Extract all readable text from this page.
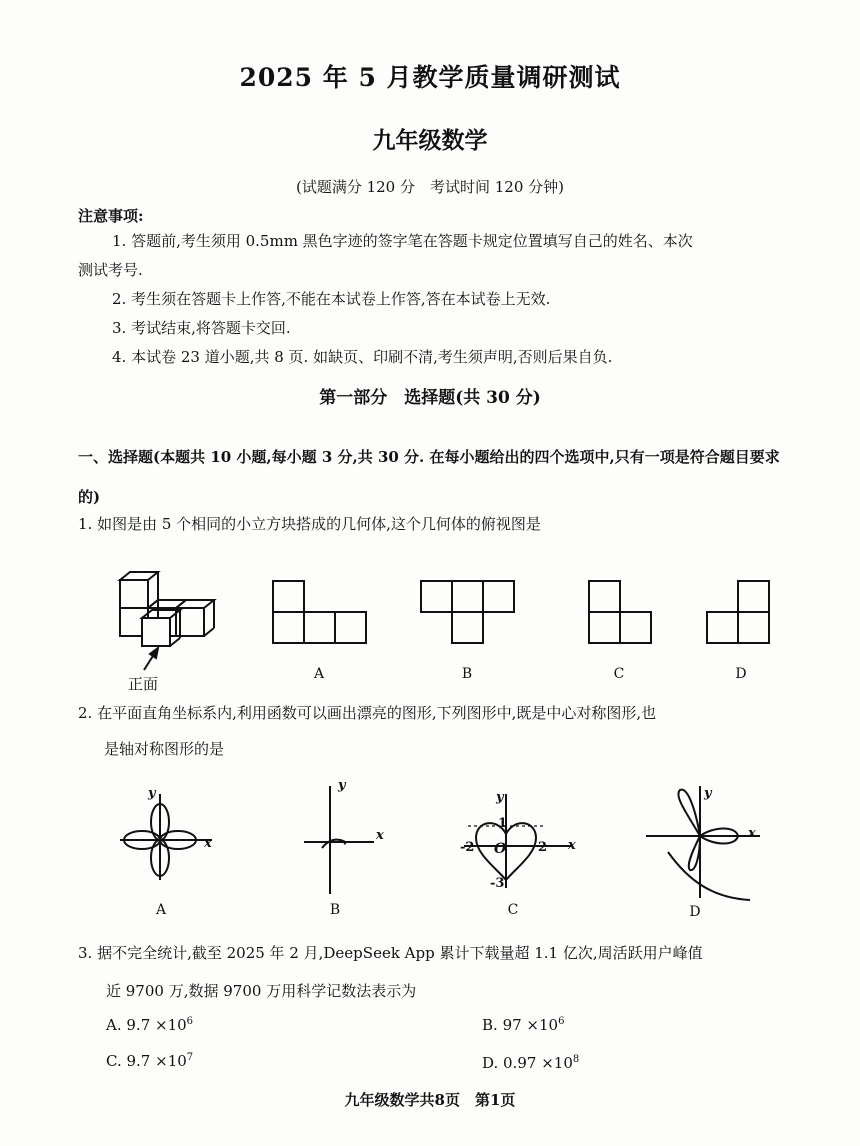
2025 年 5 月教学质量调研测试
九年级数学
(试题满分 120 分　考试时间 120 分钟)
注意事项:
1. 答题前,考生须用 0.5mm 黑色字迹的签字笔在答题卡规定位置填写自己的姓名、本次
测试考号.
2. 考生须在答题卡上作答,不能在本试卷上作答,答在本试卷上无效.
3. 考试结束,将答题卡交回.
4. 本试卷 23 道小题,共 8 页. 如缺页、印刷不清,考生须声明,否则后果自负.
第一部分　选择题(共 30 分)
一、选择题(本题共 10 小题,每小题 3 分,共 30 分. 在每小题给出的四个选项中,只有一项是符合题目要求的)
1. 如图是由 5 个相同的小立方块搭成的几何体,这个几何体的俯视图是
正面
A	B	C	D
2. 在平面直角坐标系内,利用函数可以画出漂亮的图形,下列图形中,既是中心对称图形,也
是轴对称图形的是
y
x
A
y
x
B
y
x
O
1
-2	2
-3
C
y
x
D
3. 据不完全统计,截至 2025 年 2 月,DeepSeek App 累计下载量超 1.1 亿次,周活跃用户峰值
近 9700 万,数据 9700 万用科学记数法表示为
A. $9.7 \times 10^6$	B. $97 \times 10^6$
C. $9.7 \times 10^7$	D. $0.97 \times 10^8$
九年级数学共8页　第1页
